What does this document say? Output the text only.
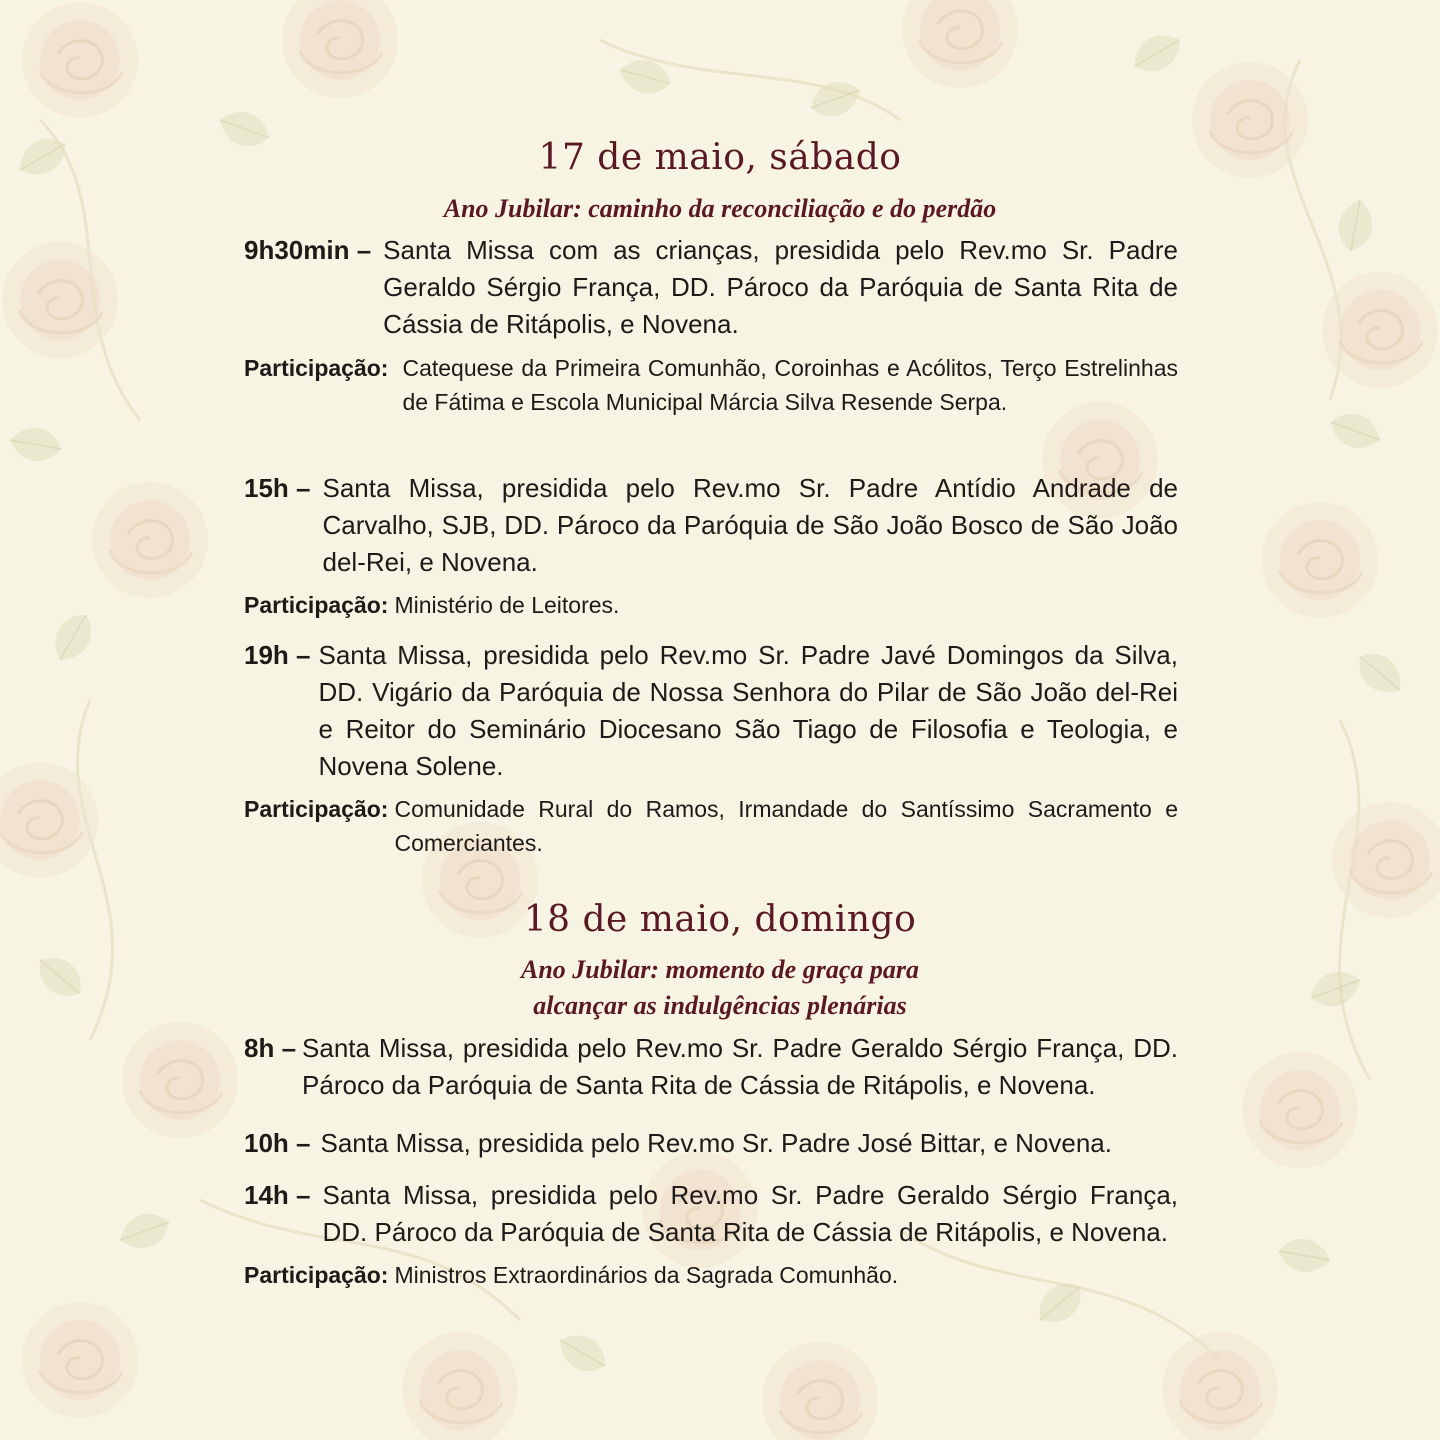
17 de maio, sábado
Ano Jubilar: caminho da reconciliação e do perdão
9h30min – Santa Missa com as crianças, presidida pelo Rev.mo Sr. Padre Geraldo Sérgio França, DD. Pároco da Paróquia de Santa Rita de Cássia de Ritápolis, e Novena.
Participação: Catequese da Primeira Comunhão, Coroinhas e Acólitos, Terço Estrelinhas de Fátima e Escola Municipal Márcia Silva Resende Serpa.
15h – Santa Missa, presidida pelo Rev.mo Sr. Padre Antídio Andrade de Carvalho, SJB, DD. Pároco da Paróquia de São João Bosco de São João del-Rei, e Novena.
Participação: Ministério de Leitores.
19h – Santa Missa, presidida pelo Rev.mo Sr. Padre Javé Domingos da Silva, DD. Vigário da Paróquia de Nossa Senhora do Pilar de São João del-Rei e Reitor do Seminário Diocesano São Tiago de Filosofia e Teologia, e Novena Solene.
Participação: Comunidade Rural do Ramos, Irmandade do Santíssimo Sacramento e Comerciantes.
18 de maio, domingo
Ano Jubilar: momento de graça para
alcançar as indulgências plenárias
8h – Santa Missa, presidida pelo Rev.mo Sr. Padre Geraldo Sérgio França, DD. Pároco da Paróquia de Santa Rita de Cássia de Ritápolis, e Novena.
10h – Santa Missa, presidida pelo Rev.mo Sr. Padre José Bittar, e Novena.
14h – Santa Missa, presidida pelo Rev.mo Sr. Padre Geraldo Sérgio França, DD. Pároco da Paróquia de Santa Rita de Cássia de Ritápolis, e Novena.
Participação: Ministros Extraordinários da Sagrada Comunhão.
